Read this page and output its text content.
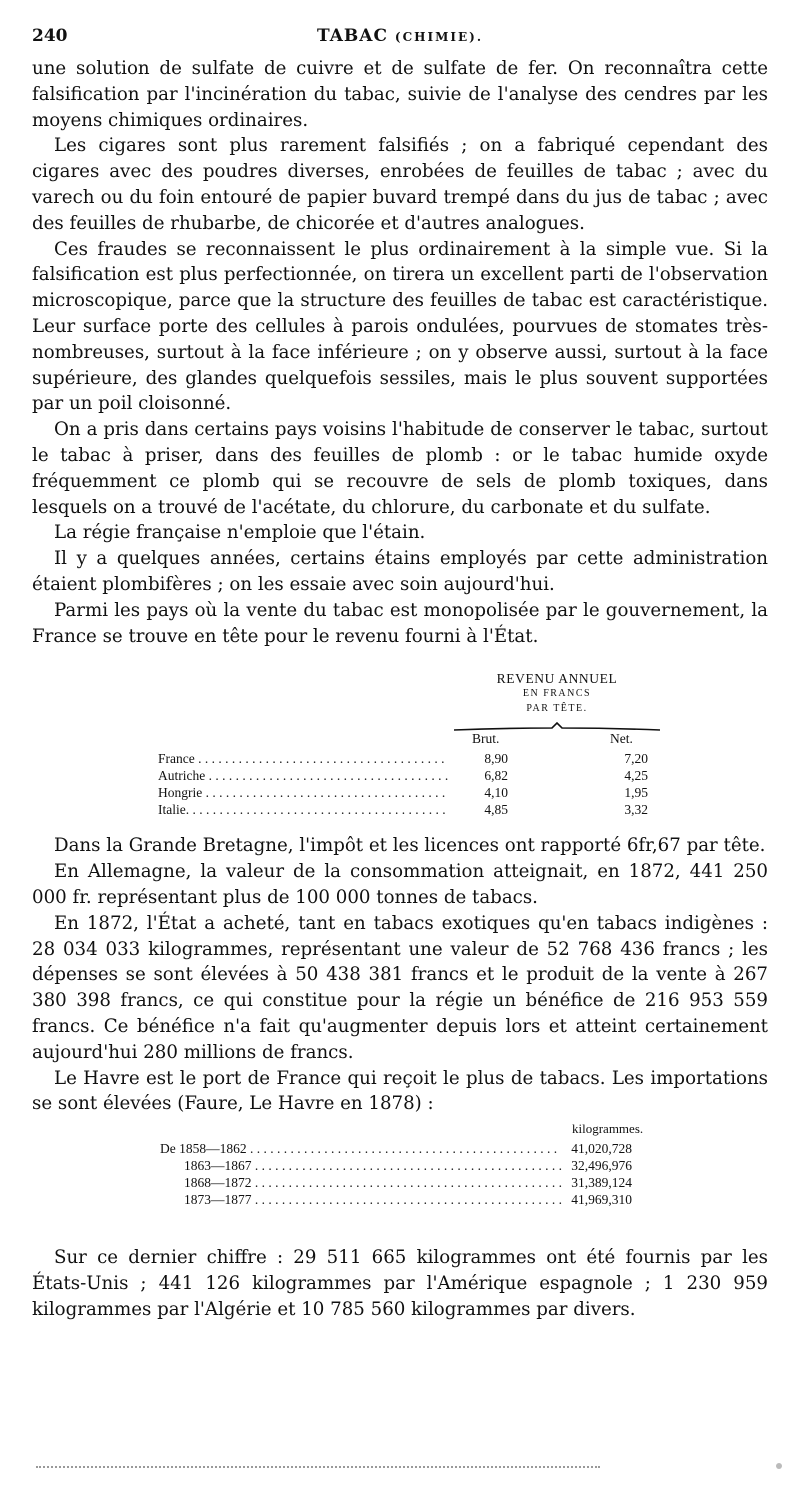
240	TABAC (CHIMIE).

une solution de sulfate de cuivre et de sulfate de fer. On reconnaîtra cette falsification par l'incinération du tabac, suivie de l'analyse des cendres par les moyens chimiques ordinaires.

Les cigares sont plus rarement falsifiés ; on a fabriqué cependant des cigares avec des poudres diverses, enrobées de feuilles de tabac ; avec du varech ou du foin entouré de papier buvard trempé dans du jus de tabac ; avec des feuilles de rhubarbe, de chicorée et d'autres analogues.

Ces fraudes se reconnaissent le plus ordinairement à la simple vue. Si la falsification est plus perfectionnée, on tirera un excellent parti de l'observation microscopique, parce que la structure des feuilles de tabac est caractéristique. Leur surface porte des cellules à parois ondulées, pourvues de stomates très-nombreuses, surtout à la face inférieure ; on y observe aussi, surtout à la face supérieure, des glandes quelquefois sessiles, mais le plus souvent supportées par un poil cloisonné.

On a pris dans certains pays voisins l'habitude de conserver le tabac, surtout le tabac à priser, dans des feuilles de plomb : or le tabac humide oxyde fréquemment ce plomb qui se recouvre de sels de plomb toxiques, dans lesquels on a trouvé de l'acétate, du chlorure, du carbonate et du sulfate.

La régie française n'emploie que l'étain.

Il y a quelques années, certains étains employés par cette administration étaient plombifères ; on les essaie avec soin aujourd'hui.

Parmi les pays où la vente du tabac est monopolisée par le gouvernement, la France se trouve en tête pour le revenu fourni à l'État.

REVENU ANNUEL
EN FRANCS
PAR TÊTE.
Brut.	Net.
France . . .	8,90	7,20
Autriche . . .	6,82	4,25
Hongrie . . .	4,10	1,95
Italie. . . .	4,85	3,32

Dans la Grande Bretagne, l'impôt et les licences ont rapporté 6fr,67 par tête.

En Allemagne, la valeur de la consommation atteignait, en 1872, 441 250 000 fr. représentant plus de 100 000 tonnes de tabacs.

En 1872, l'État a acheté, tant en tabacs exotiques qu'en tabacs indigènes : 28 034 033 kilogrammes, représentant une valeur de 52 768 436 francs ; les dépenses se sont élevées à 50 438 381 francs et le produit de la vente à 267 380 398 francs, ce qui constitue pour la régie un bénéfice de 216 953 559 francs. Ce bénéfice n'a fait qu'augmenter depuis lors et atteint certainement aujourd'hui 280 millions de francs.

Le Havre est le port de France qui reçoit le plus de tabacs. Les importations se sont élevées (Faure, Le Havre en 1878) :

kilogrammes.
De 1858—1862 . . .	41,020,728
1863—1867 . . .	32,496,976
1868—1872 . . .	31,389,124
1873—1877 . . .	41,969,310

Sur ce dernier chiffre : 29 511 665 kilogrammes ont été fournis par les États-Unis ; 441 126 kilogrammes par l'Amérique espagnole ; 1 230 959 kilogrammes par l'Algérie et 10 785 560 kilogrammes par divers.
